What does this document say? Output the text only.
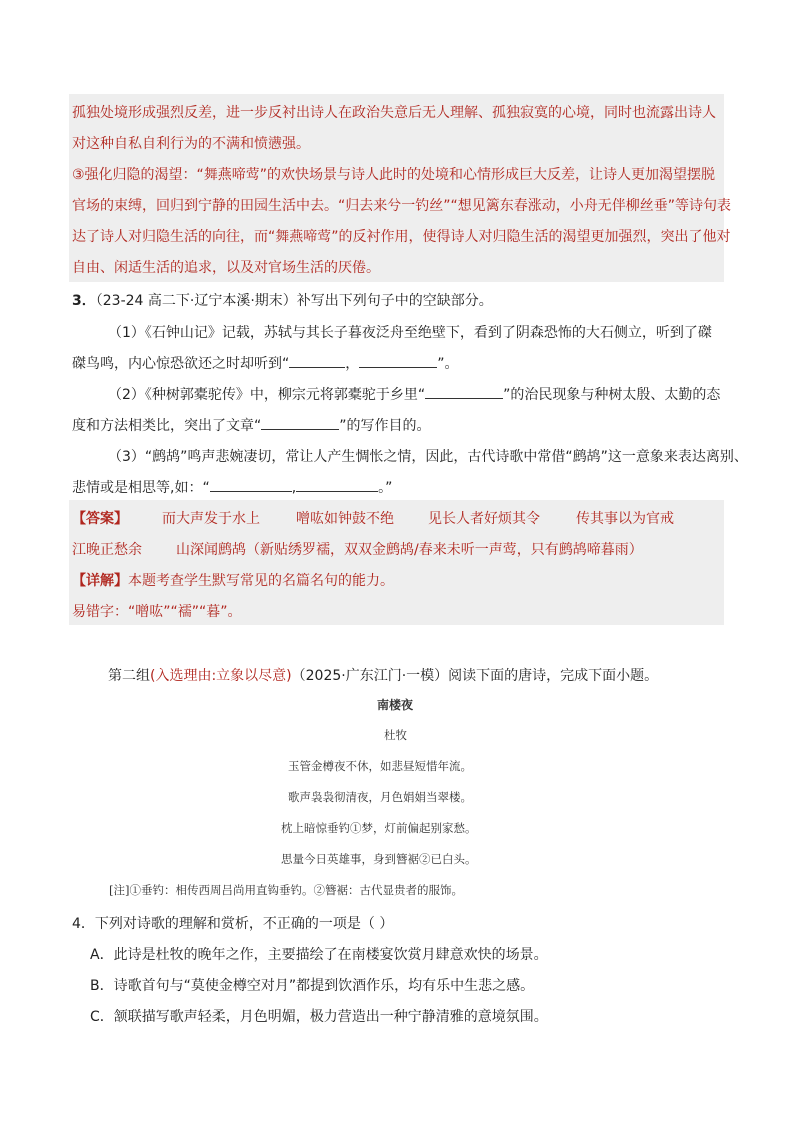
孤独处境形成强烈反差，进一步反衬出诗人在政治失意后无人理解、孤独寂寞的心境，同时也流露出诗人
对这种自私自利行为的不满和愤懑强。
③强化归隐的渴望：“舞燕啼莺”的欢快场景与诗人此时的处境和心情形成巨大反差，让诗人更加渴望摆脱
官场的束缚，回归到宁静的田园生活中去。“归去来兮一钓丝”“想见篱东春涨动，小舟无伴柳丝垂”等诗句表
达了诗人对归隐生活的向往，而“舞燕啼莺”的反衬作用，使得诗人对归隐生活的渴望更加强烈，突出了他对
自由、闲适生活的追求，以及对官场生活的厌倦。
3．（23-24 高二下·辽宁本溪·期末）补写出下列句子中的空缺部分。
（1）《石钟山记》记载，苏轼与其长子暮夜泛舟至绝壁下，看到了阴森恐怖的大石侧立，听到了磔
磔鸟鸣，内心惊恐欲还之时却听到“	，	”。
（2）《种树郭橐驼传》中，柳宗元将郭橐驼于乡里“	”的治民现象与种树太殷、太勤的态
度和方法相类比，突出了文章“	”的写作目的。
（3）“鹧鸪”鸣声悲婉凄切，常让人产生惆怅之情，因此，古代诗歌中常借“鹧鸪”这一意象来表达离别、
悲情或是相思等,如：“	,	。”
【答案】 而大声发于水上	噌吰如钟鼓不绝 见长人者好烦其令	传其事以为官戒
江晚正愁余 山深闻鹧鸪（新贴绣罗襦，双双金鹧鸪/春来未听一声莺，只有鹧鸪啼暮雨）
【详解】本题考查学生默写常见的名篇名句的能力。
易错字：“噌吰”“襦”“暮”。
第二组(入选理由:立象以尽意)（2025·广东江门·一模）阅读下面的唐诗，完成下面小题。
南楼夜
杜牧
玉管金樽夜不休，如悲昼短惜年流。
歌声袅袅彻清夜，月色娟娟当翠楼。
枕上暗惊垂钓①梦，灯前偏起别家愁。
思量今日英雄事，身到簪裾②已白头。
[注]①垂钓：相传西周吕尚用直钩垂钓。②簪裾：古代显贵者的服饰。
4．下列对诗歌的理解和赏析，不正确的一项是（ ）
A．此诗是杜牧的晚年之作，主要描绘了在南楼宴饮赏月肆意欢快的场景。
B．诗歌首句与“莫使金樽空对月”都提到饮酒作乐，均有乐中生悲之感。
C．颔联描写歌声轻柔，月色明媚，极力营造出一种宁静清雅的意境氛围。
